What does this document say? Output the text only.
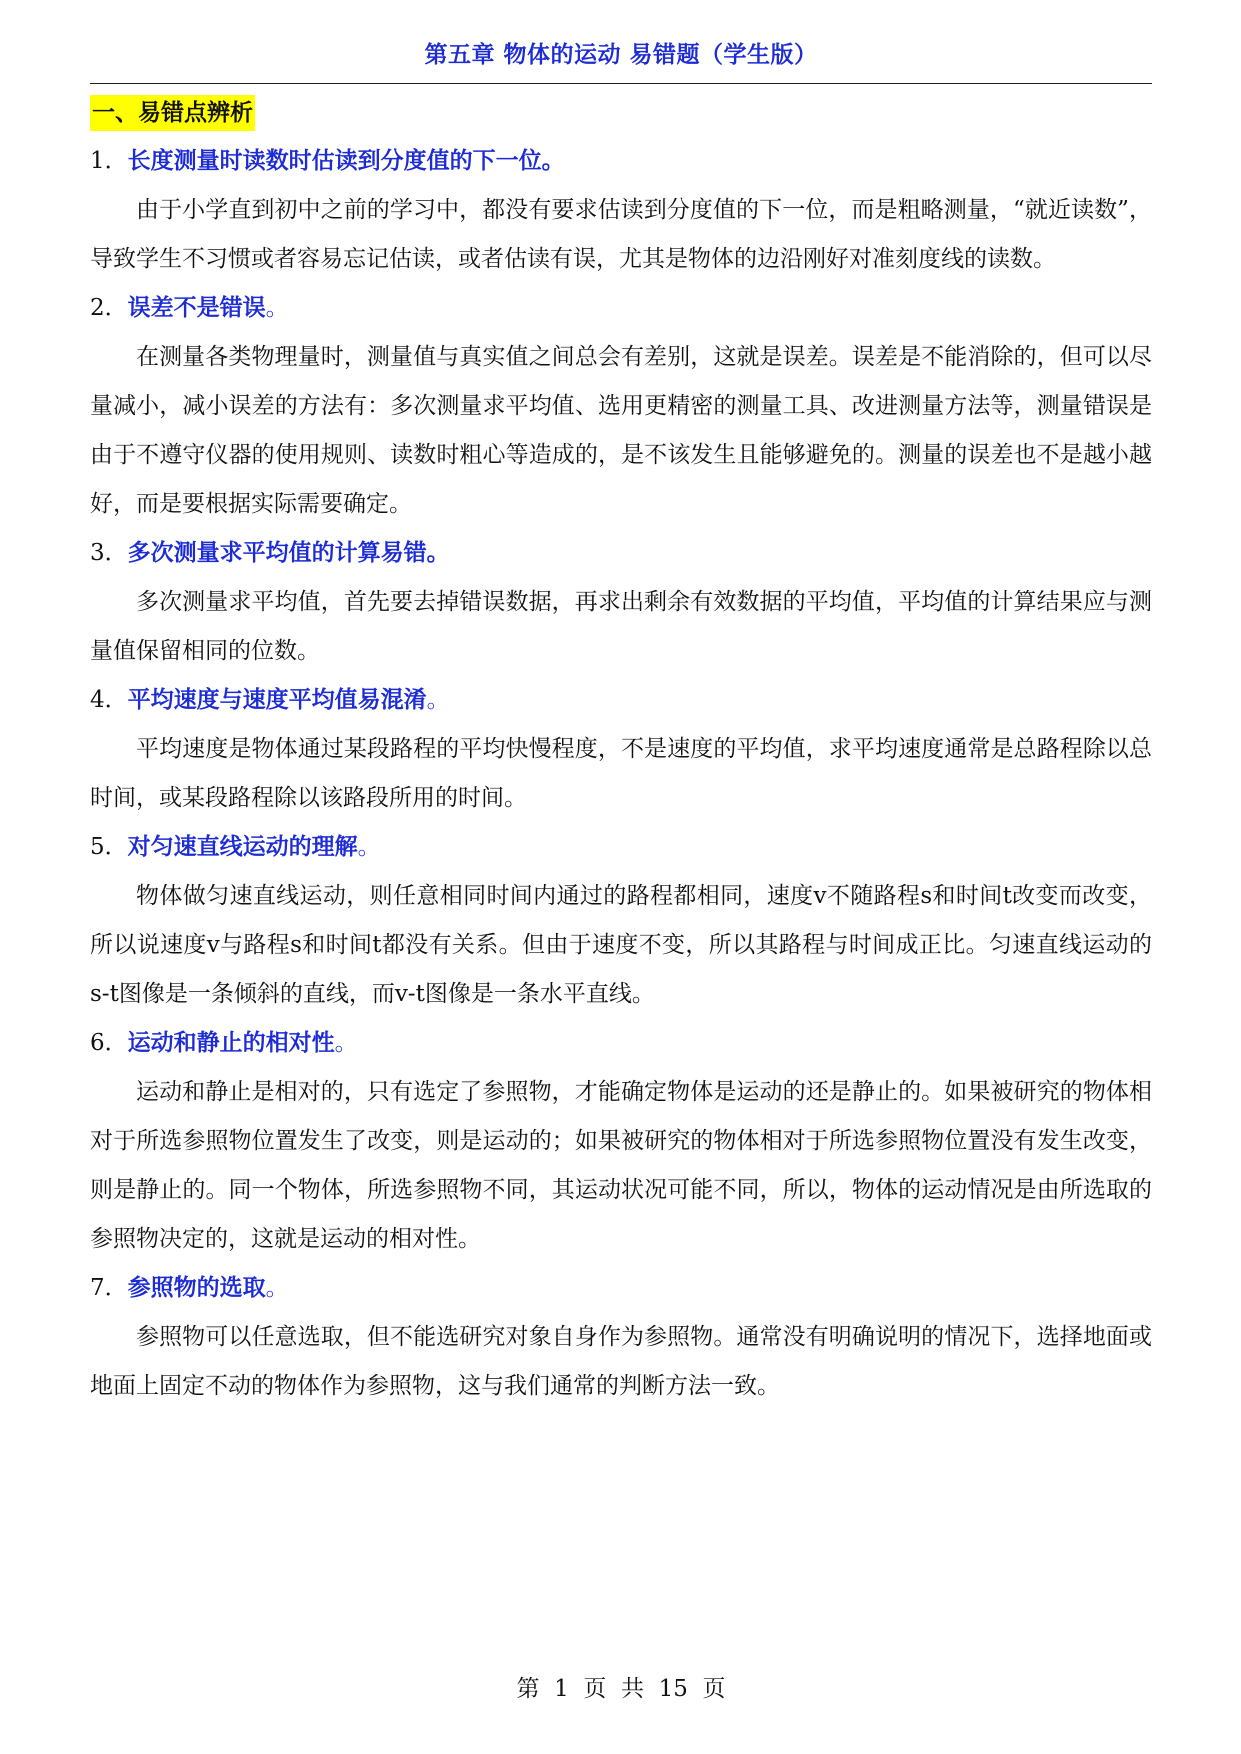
第五章 物体的运动 易错题（学生版）
一、易错点辨析
1．长度测量时读数时估读到分度值的下一位。

由于小学直到初中之前的学习中，都没有要求估读到分度值的下一位，而是粗略测量，“就近读数”，导致学生不习惯或者容易忘记估读，或者估读有误，尤其是物体的边沿刚好对准刻度线的读数。

2．误差不是错误。

在测量各类物理量时，测量值与真实值之间总会有差别，这就是误差。误差是不能消除的，但可以尽量减小，减小误差的方法有：多次测量求平均值、选用更精密的测量工具、改进测量方法等，测量错误是由于不遵守仪器的使用规则、读数时粗心等造成的，是不该发生且能够避免的。测量的误差也不是越小越好，而是要根据实际需要确定。

3．多次测量求平均值的计算易错。

多次测量求平均值，首先要去掉错误数据，再求出剩余有效数据的平均值，平均值的计算结果应与测量值保留相同的位数。

4．平均速度与速度平均值易混淆。

平均速度是物体通过某段路程的平均快慢程度，不是速度的平均值，求平均速度通常是总路程除以总时间，或某段路程除以该路段所用的时间。

5．对匀速直线运动的理解。

物体做匀速直线运动，则任意相同时间内通过的路程都相同，速度v不随路程s和时间t改变而改变，所以说速度v与路程s和时间t都没有关系。但由于速度不变，所以其路程与时间成正比。匀速直线运动的s-t图像是一条倾斜的直线，而v-t图像是一条水平直线。

6．运动和静止的相对性。

运动和静止是相对的，只有选定了参照物，才能确定物体是运动的还是静止的。如果被研究的物体相对于所选参照物位置发生了改变，则是运动的；如果被研究的物体相对于所选参照物位置没有发生改变，则是静止的。同一个物体，所选参照物不同，其运动状况可能不同，所以，物体的运动情况是由所选取的参照物决定的，这就是运动的相对性。

7．参照物的选取。

参照物可以任意选取，但不能选研究对象自身作为参照物。通常没有明确说明的情况下，选择地面或地面上固定不动的物体作为参照物，这与我们通常的判断方法一致。

第  1  页  共  15  页
